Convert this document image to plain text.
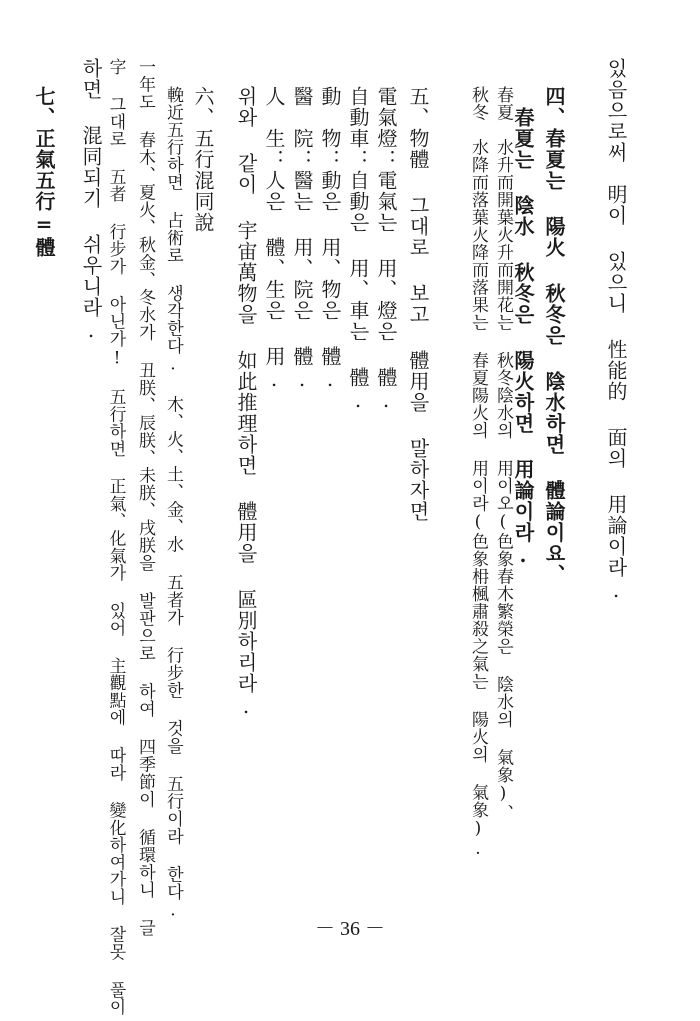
있음으로써　明이 있으니 性能的 面의 用論이라.
四、春夏는 陽火 秋冬은 陰水하면 體論이요、
　春夏는 陰水 秋冬은 陽火하면 用論이라.
春夏　水升而開葉火升而開花는 秋冬陰水의 用이오(色象春木繁榮은 陰水의 氣象)、
秋冬　水降而落葉火降而落果는 春夏陽火의 用이라(色象枏楓肅殺之氣는 陽火의 氣象).
五、物體 그대로 보고 體用을 말하자면
電氣燈：電氣는 用、燈은 體.
自動車：自動은 用、車는 體.
動　物：動은 用、物은 體.
醫　院：醫는 用、院은 體.
人　生：人은 體、生은 用.
위와 같이 宇宙萬物을 如此推理하면 體用을 區別하리라.
六、五行混同說
輓近五行하면 占術로 생각한다. 木、火、土、金、水 五者가 行步한 것을 五行이라 한다.
一年도 春木、夏火、秋金、冬水가 丑朕、辰朕、未朕、戌朕을 발판으로 하여 四季節이 循環하니 글
字 그대로 五者 行步가 아닌가! 五行하면 正氣、化氣가 있어 主觀點에 따라 變化하여가니 잘못 풀이
하면 混同되기 쉬우니라.
七、正氣五行=體
－ 36 －
